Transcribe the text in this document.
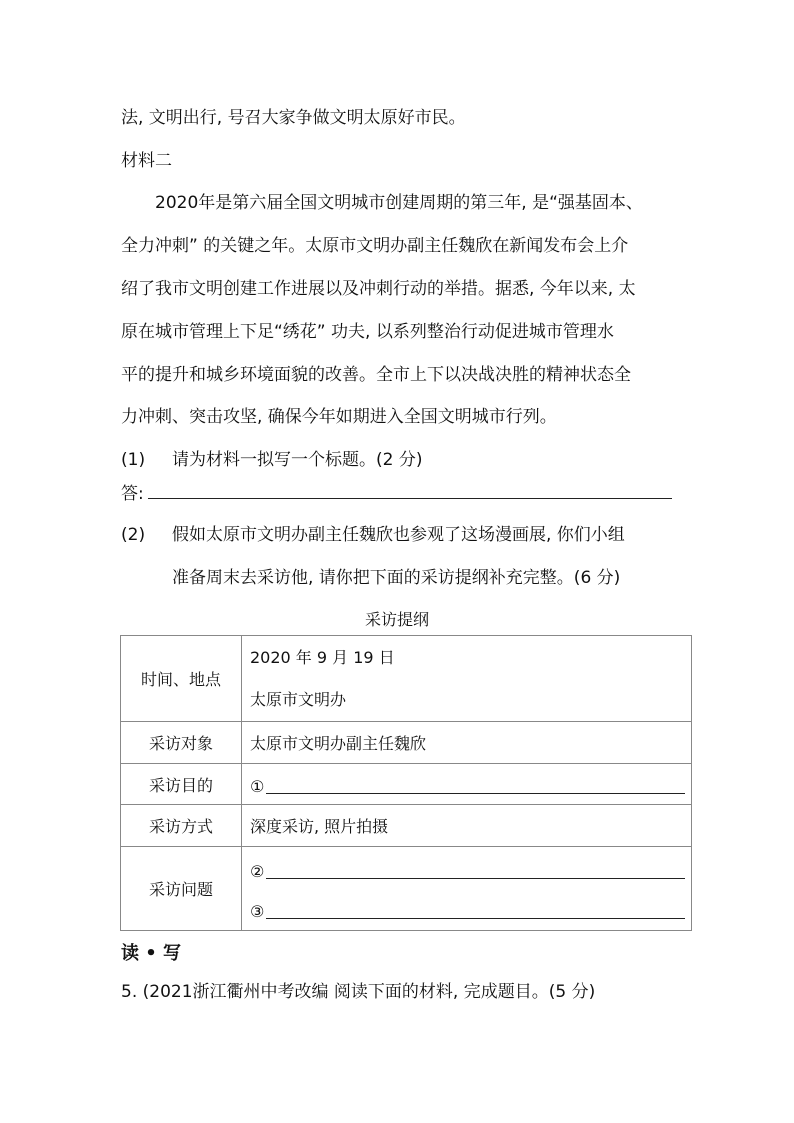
法, 文明出行, 号召大家争做文明太原好市民。
材料二
2020年是第六届全国文明城市创建周期的第三年, 是“强基固本、
全力冲刺” 的关键之年。太原市文明办副主任魏欣在新闻发布会上介
绍了我市文明创建工作进展以及冲刺行动的举措。据悉, 今年以来, 太
原在城市管理上下足“绣花” 功夫, 以系列整治行动促进城市管理水
平的提升和城乡环境面貌的改善。全市上下以决战决胜的精神状态全
力冲刺、突击攻坚, 确保今年如期进入全国文明城市行列。
(1) 请为材料一拟写一个标题。(2 分)
答:
(2) 假如太原市文明办副主任魏欣也参观了这场漫画展, 你们小组
准备周末去采访他, 请你把下面的采访提纲补充完整。(6 分)
采访提纲
时间、地点	2020 年 9 月 19 日
太原市文明办

采访对象	太原市文明办副主任魏欣
采访目的	①

采访方式	深度采访, 照片拍摄
采访问题	②
③
读 • 写
5. (2021浙江衢州中考改编 阅读下面的材料, 完成题目。(5 分)
